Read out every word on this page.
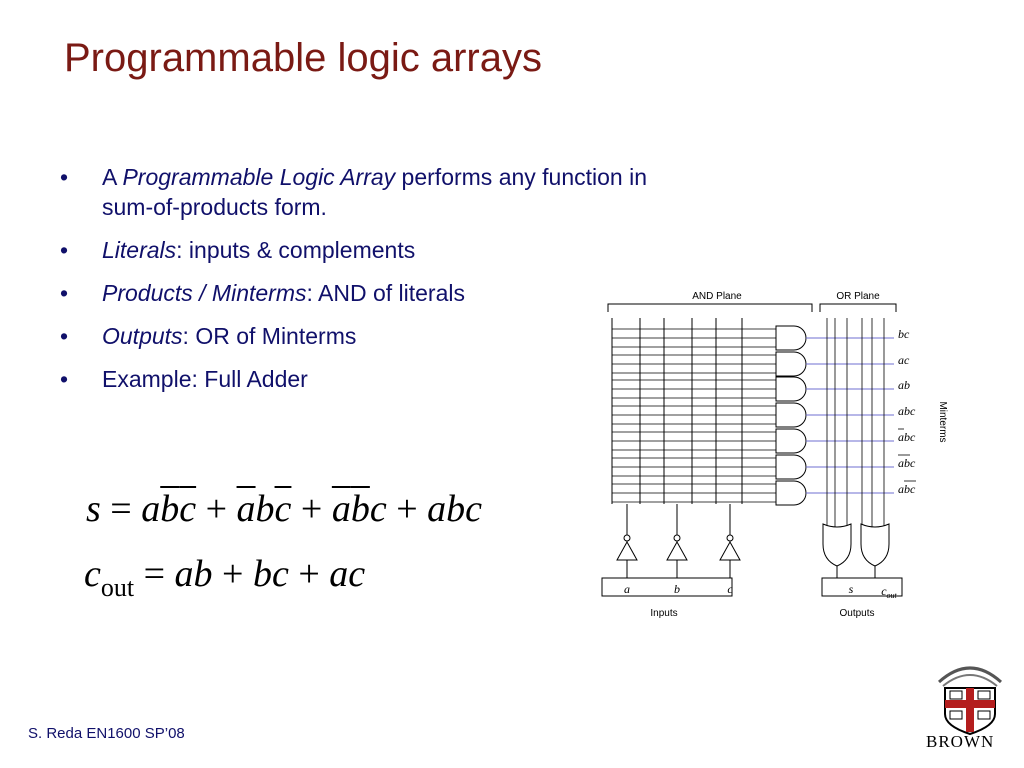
Programmable logic arrays
• A Programmable Logic Array performs any function in
sum-of-products form.
• Literals: inputs & complements
• Products / Minterms: AND of literals
• Outputs: OR of Minterms
• Example: Full Adder
$s = a\overline{b}\overline{c} + \overline{a}b\overline{c} + \overline{a}\overline{b}c$ + abc
$c_{out}$ = ab + bc + ac
AND Plane	OR Plane
Minterms
a	b	c	s $c_{out}$
Inputs	Outputs
bc
ac
ab
abc
abc
abc
abc
S. Reda EN1600 SP’08	BROWN
